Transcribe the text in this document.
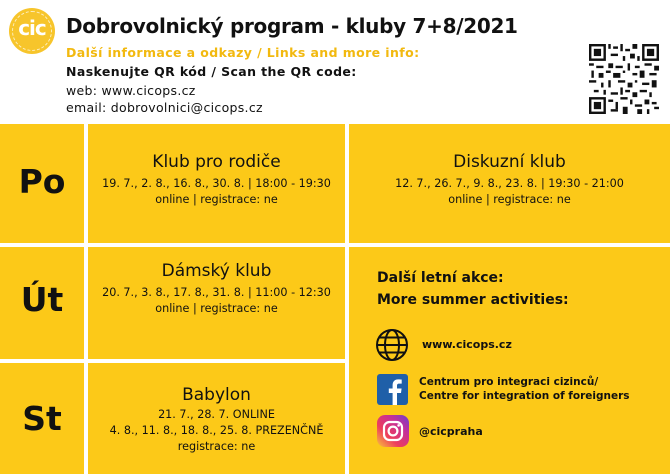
cic	Dobrovolnický program - kluby 7+8/2021
Další informace a odkazy / Links and more info:
Naskenujte QR kód / Scan the QR code:
web: www.cicops.cz
email: dobrovolnici@cicops.cz
Po
Út
St
Klub pro rodiče
19. 7., 2. 8., 16. 8., 30. 8. | 18:00 - 19:30
online | registrace: ne
Diskuzní klub
12. 7., 26. 7., 9. 8., 23. 8. | 19:30 - 21:00
online | registrace: ne
Dámský klub
20. 7., 3. 8., 17. 8., 31. 8. | 11:00 - 12:30
online | registrace: ne
Babylon
21. 7., 28. 7. ONLINE
4. 8., 11. 8., 18. 8., 25. 8. PREZENČNĚ
registrace: ne
Další letní akce:
More summer activities:
www.cicops.cz
Centrum pro integraci cizinců/
Centre for integration of foreigners
@cicpraha
